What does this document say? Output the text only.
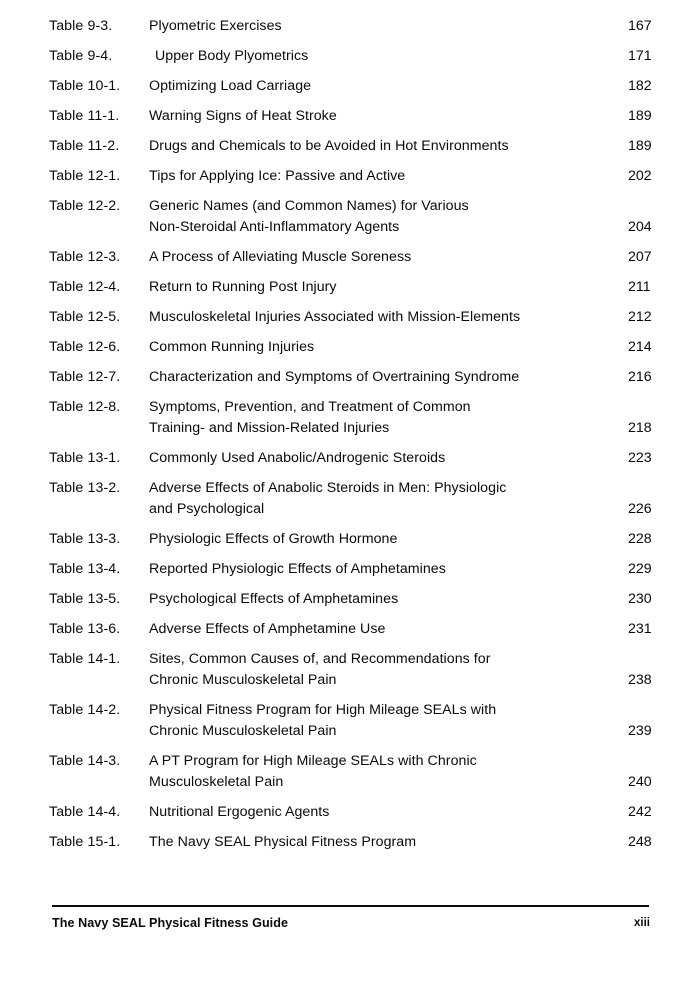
Table 9-3.	Plyometric Exercises	167
Table 9-4.	Upper Body Plyometrics	171
Table 10-1.	Optimizing Load Carriage	182
Table 11-1.	Warning Signs of Heat Stroke	189
Table 11-2.	Drugs and Chemicals to be Avoided in Hot Environments	189
Table 12-1.	Tips for Applying Ice: Passive and Active	202
Table 12-2.	Generic Names (and Common Names) for Various
Non-Steroidal Anti-Inflammatory Agents	204
Table 12-3.	A Process of Alleviating Muscle Soreness	207
Table 12-4.	Return to Running Post Injury	211
Table 12-5.	Musculoskeletal Injuries Associated with Mission-Elements	212
Table 12-6.	Common Running Injuries	214
Table 12-7.	Characterization and Symptoms of Overtraining Syndrome	216
Table 12-8.	Symptoms, Prevention, and Treatment of Common
Training- and Mission-Related Injuries	218
Table 13-1.	Commonly Used Anabolic/Androgenic Steroids	223
Table 13-2.	Adverse Effects of Anabolic Steroids in Men: Physiologic
and Psychological	226
Table 13-3.	Physiologic Effects of Growth Hormone	228
Table 13-4.	Reported Physiologic Effects of Amphetamines	229
Table 13-5.	Psychological Effects of Amphetamines	230
Table 13-6.	Adverse Effects of Amphetamine Use	231
Table 14-1.	Sites, Common Causes of, and Recommendations for
Chronic Musculoskeletal Pain	238
Table 14-2.	Physical Fitness Program for High Mileage SEALs with
Chronic Musculoskeletal Pain	239
Table 14-3.	A PT Program for High Mileage SEALs with Chronic
Musculoskeletal Pain	240
Table 14-4.	Nutritional Ergogenic Agents	242
Table 15-1.	The Navy SEAL Physical Fitness Program	248
The Navy SEAL Physical Fitness Guide	xiii
